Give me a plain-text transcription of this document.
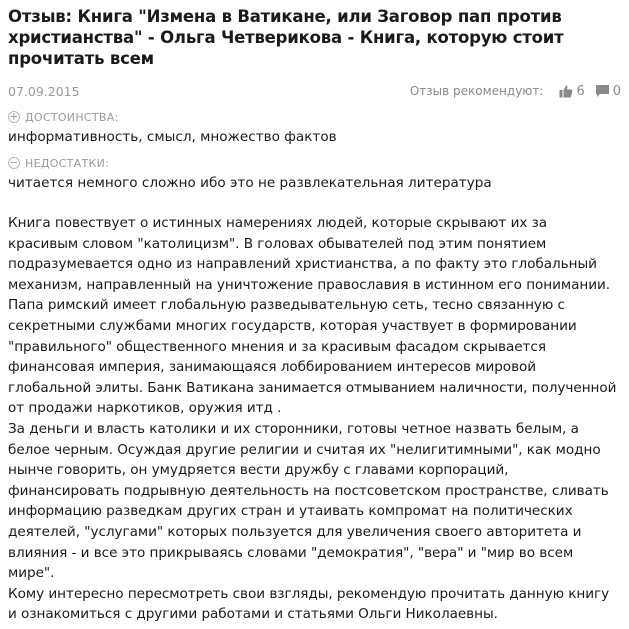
Отзыв: Книга "Измена в Ватикане, или Заговор пап против христианства" - Ольга Четверикова - Книга, которую стоит прочитать всем
07.09.2015	Отзыв рекомендуют:	6 0
+ ДОСТОИНСТВА:
информативность, смысл, множество фактов
− НЕДОСТАТКИ:
читается немного сложно ибо это не развлекательная литература
Книга повествует о истинных намерениях людей, которые скрывают их за красивым словом "католицизм". В головах обывателей под этим понятием подразумевается одно из направлений христианства, а по факту это глобальный механизм, направленный на уничтожение православия в истинном его понимании. Папа римский имеет глобальную разведывательную сеть, тесно связанную с секретными службами многих государств, которая участвует в формировании "правильного" общественного мнения и за красивым фасадом скрывается финансовая империя, занимающаяся лоббированием интересов мировой глобальной элиты. Банк Ватикана занимается отмыванием наличности, полученной от продажи наркотиков, оружия итд .
За деньги и власть католики и их сторонники, готовы четное назвать белым, а белое черным. Осуждая другие религии и считая их "нелигитимными", как модно нынче говорить, он умудряется вести дружбу с главами корпораций, финансировать подрывную деятельность на постсоветском пространстве, сливать информацию разведкам других стран и утаивать компромат на политических деятелей, "услугами" которых пользуется для увеличения своего авторитета и влияния - и все это прикрываясь словами "демократия", "вера" и "мир во всем мире".
Кому интересно пересмотреть свои взгляды, рекомендую прочитать данную книгу и ознакомиться с другими работами и статьями Ольги Николаевны.
